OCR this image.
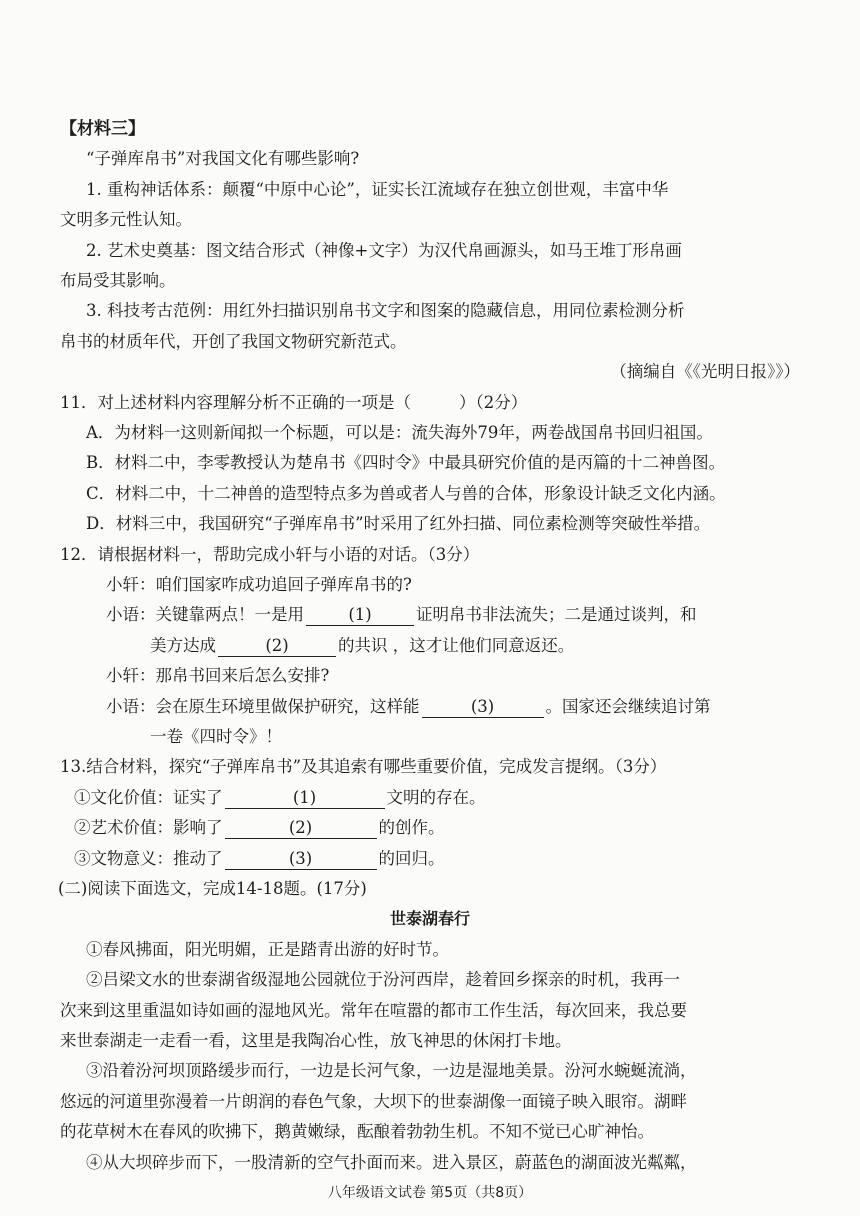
【材料三】
“子弹库帛书”对我国文化有哪些影响?
1. 重构神话体系：颠覆“中原中心论”，证实长江流域存在独立创世观，丰富中华
文明多元性认知。
2. 艺术史奠基：图文结合形式（神像+文字）为汉代帛画源头，如马王堆丁形帛画
布局受其影响。
3. 科技考古范例：用红外扫描识别帛书文字和图案的隐藏信息，用同位素检测分析
帛书的材质年代，开创了我国文物研究新范式。
（摘编自《《光明日报》》）
11．对上述材料内容理解分析不正确的一项是（	）（2分）
A．为材料一这则新闻拟一个标题，可以是：流失海外79年，两卷战国帛书回归祖国。
B．材料二中，李零教授认为楚帛书《四时令》中最具研究价值的是丙篇的十二神兽图。
C．材料二中，十二神兽的造型特点多为兽或者人与兽的合体，形象设计缺乏文化内涵。
D．材料三中，我国研究“子弹库帛书”时采用了红外扫描、同位素检测等突破性举措。
12．请根据材料一，帮助完成小轩与小语的对话。（3分）
小轩：咱们国家咋成功追回子弹库帛书的?
小语：关键靠两点！一是用	(1)	证明帛书非法流失；二是通过谈判，和
美方达成	(2)	的共识 ，这才让他们同意返还。
小轩：那帛书回来后怎么安排?
小语：会在原生环境里做保护研究，这样能	(3)	。国家还会继续追讨第
一卷《四时令》！
13.结合材料，探究“子弹库帛书”及其追索有哪些重要价值，完成发言提纲。（3分）
①文化价值：证实了	(1)	文明的存在。
②艺术价值：影响了	(2)	的创作。
③文物意义：推动了	(3)	的回归。
(二)阅读下面选文，完成14-18题。(17分)
世泰湖春行
①春风拂面，阳光明媚，正是踏青出游的好时节。
②吕梁文水的世泰湖省级湿地公园就位于汾河西岸，趁着回乡探亲的时机，我再一
次来到这里重温如诗如画的湿地风光。常年在喧嚣的都市工作生活，每次回来，我总要
来世泰湖走一走看一看，这里是我陶冶心性，放飞神思的休闲打卡地。
③沿着汾河坝顶路缓步而行，一边是长河气象，一边是湿地美景。汾河水蜿蜒流淌，
悠远的河道里弥漫着一片朗润的春色气象，大坝下的世泰湖像一面镜子映入眼帘。湖畔
的花草树木在春风的吹拂下，鹅黄嫩绿，酝酿着勃勃生机。不知不觉已心旷神怡。
④从大坝碎步而下，一股清新的空气扑面而来。进入景区，蔚蓝色的湖面波光粼粼，
八年级语文试卷 第5页（共8页）
